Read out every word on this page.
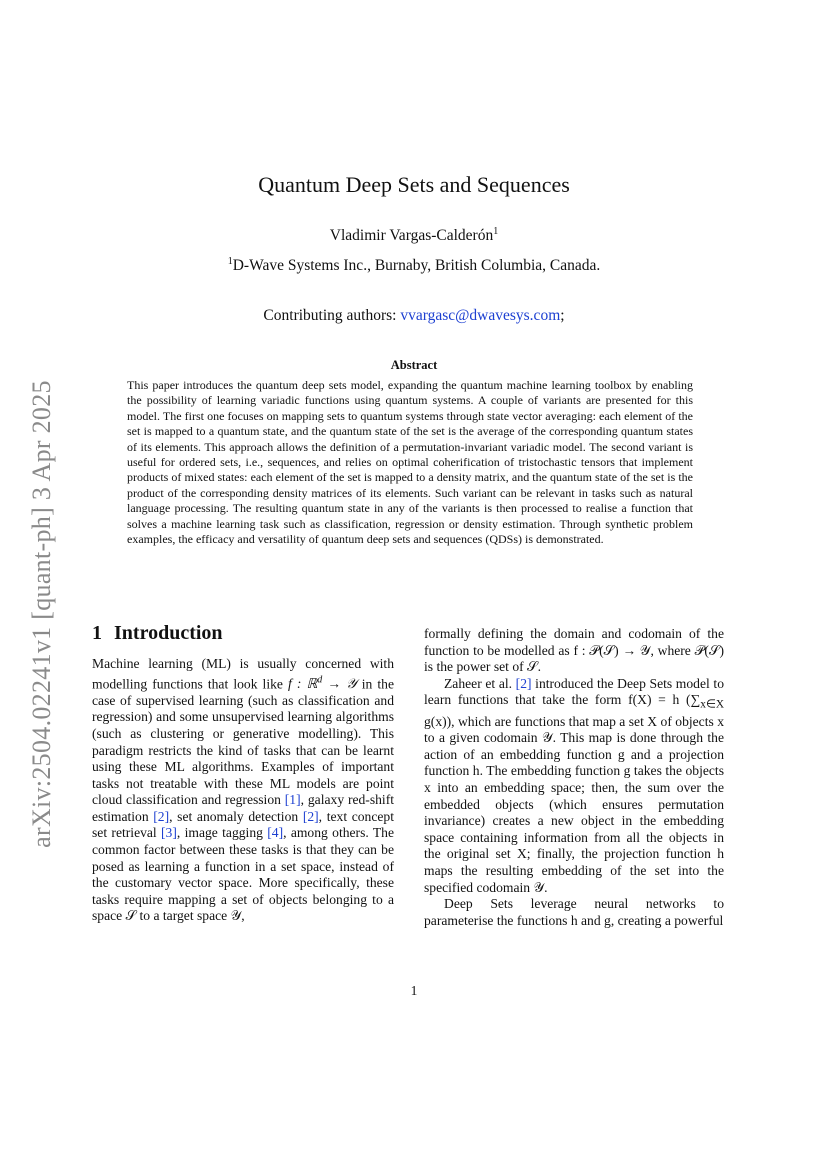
arXiv:2504.02241v1 [quant-ph] 3 Apr 2025
Quantum Deep Sets and Sequences
Vladimir Vargas-Calderón$^1$
$^1$D-Wave Systems Inc., Burnaby, British Columbia, Canada.
Contributing authors: vvargasc@dwavesys.com;
Abstract
This paper introduces the quantum deep sets model, expanding the quantum machine learning toolbox by enabling the possibility of learning variadic functions using quantum systems. A couple of variants are presented for this model. The first one focuses on mapping sets to quantum systems through state vector averaging: each element of the set is mapped to a quantum state, and the quantum state of the set is the average of the corresponding quantum states of its elements. This approach allows the definition of a permutation-invariant variadic model. The second variant is useful for ordered sets, i.e., sequences, and relies on optimal coherification of tristochastic tensors that implement products of mixed states: each element of the set is mapped to a density matrix, and the quantum state of the set is the product of the corresponding density matrices of its elements. Such variant can be relevant in tasks such as natural language processing. The resulting quantum state in any of the variants is then processed to realise a function that solves a machine learning task such as classification, regression or density estimation. Through synthetic problem examples, the efficacy and versatility of quantum deep sets and sequences (QDSs) is demonstrated.
1 Introduction

Machine learning (ML) is usually concerned with modelling functions that look like f : ℝ$^d$ → 𝒴 in the case of supervised learning (such as classification and regression) and some unsupervised learning algorithms (such as clustering or generative modelling). This paradigm restricts the kind of tasks that can be learnt using these ML algorithms. Examples of important tasks not treatable with these ML models are point cloud classification and regression [1], galaxy red-shift estimation [2], set anomaly detection [2], text concept set retrieval [3], image tagging [4], among others. The common factor between these tasks is that they can be posed as learning a function in a set space, instead of the customary vector space. More specifically, these tasks require mapping a set of objects belonging to a space 𝒮 to a target space 𝒴,

formally defining the domain and codomain of the function to be modelled as f : 𝒫(𝒮) → 𝒴, where 𝒫(𝒮) is the power set of 𝒮.

Zaheer et al. [2] introduced the Deep Sets model to learn functions that take the form f(X) = h ($\sum_{x\in X}$ g(x)), which are functions that map a set X of objects x to a given codomain 𝒴. This map is done through the action of an embedding function g and a projection function h. The embedding function g takes the objects x into an embedding space; then, the sum over the embedded objects (which ensures permutation invariance) creates a new object in the embedding space containing information from all the objects in the original set X; finally, the projection function h maps the resulting embedding of the set into the specified codomain 𝒴.

Deep Sets leverage neural networks to parameterise the functions h and g, creating a powerful

1
